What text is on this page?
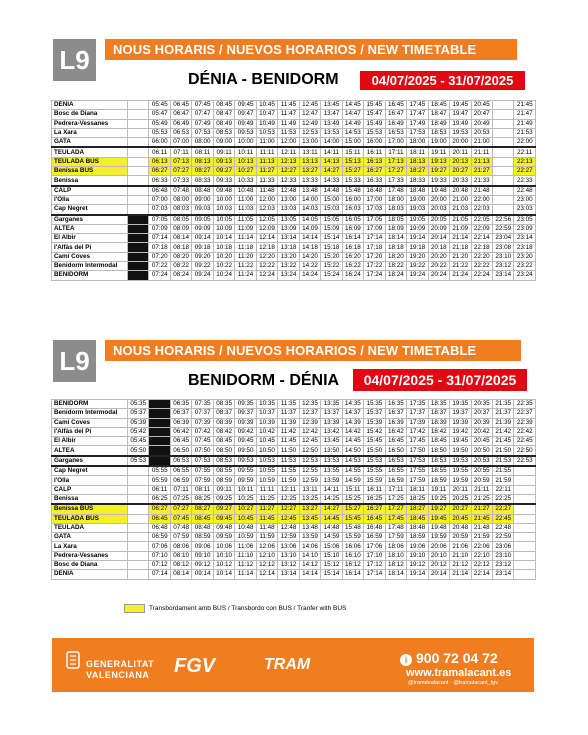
L9	NOUS HORARIS / NUEVOS HORARIOS / NEW TIMETABLE
DÉNIA - BENIDORM	04/07/2025 - 31/07/2025
DÉNIA		05:45	06:45	07:45	08:45	09:45	10:45	11:45	12:45	13:45	14:45	15:45	16:45	17:45	18:45	19:45	20:45		21:45
Bosc de Diana		05:47	06:47	07:47	08:47	09:47	10:47	11:47	12:47	13:47	14:47	15:47	16:47	17:47	18:47	19:47	20:47		21:47
Pedrera-Vessanes		05:49	06:49	07:49	08:49	09:49	10:49	11:49	12:49	13:49	14:49	15:49	16:49	17:49	18:49	19:49	20:49		21:49
La Xara		05:53	06:53	07:53	08:53	09:53	10:53	11:53	12:53	13:53	14:53	15:53	16:53	17:53	18:53	19:53	20:53		21:53
GATA		06:00	07:00	08:00	09:00	10:00	11:00	12:00	13:00	14:00	15:00	16:00	17:00	18:00	19:00	20:00	21:00		22:00
TEULADA		06:11	07:11	08:11	09:11	10:11	11:11	12:11	13:11	14:11	15:11	16:11	17:11	18:11	19:11	20:11	21:11		22:11
TEULADA BUS		06:13	07:13	08:13	09:13	10:13	11:13	12:13	13:13	14:13	15:13	16:13	17:13	18:13	19:13	20:13	21:13		22:13
Benissa BUS		06:27	07:27	08:27	09:27	10:27	11:27	12:27	13:27	14:27	15:27	16:27	17:27	18:27	19:27	20:27	21:27		22:27
Benissa		06:33	07:33	08:33	09:33	10:33	11:33	12:33	13:33	14:33	15:33	16:33	17:33	18:33	19:33	20:33	21:33		22:33
CALP		06:48	07:48	08:48	09:48	10:48	11:48	12:48	13:48	14:48	15:48	16:48	17:48	18:48	19:48	20:48	21:48		22:48
l'Olla		07:00	08:00	09:00	10:00	11:00	12:00	13:00	14:00	15:00	16:00	17:00	18:00	19:00	20:00	21:00	22:00		23:00
Cap Negret		07:03	08:03	09:03	10:03	11:03	12:03	13:03	14:03	15:03	16:03	17:03	18:03	19:03	20:03	21:03	22:03		23:03
Garganes		07:05	08:05	09:05	10:05	11:05	12:05	13:05	14:05	15:05	16:05	17:05	18:05	19:05	20:05	21:05	22:05	22:56	23:05
ALTEA		07:09	08:09	09:09	10:09	11:09	12:09	13:09	14:09	15:09	16:09	17:09	18:09	19:09	20:09	21:09	22:09	22:59	23:09
El Albir		07:14	08:14	09:14	10:14	11:14	12:14	13:14	14:14	15:14	16:14	17:14	18:14	19:14	20:14	21:14	22:14	23:04	23:14
l'Alfàs del Pi		07:18	08:18	09:18	10:18	11:18	12:18	13:18	14:18	15:18	16:18	17:18	18:18	19:18	20:18	21:18	22:18	23:08	23:18
Camí Coves		07:20	08:20	09:20	10:20	11:20	12:20	13:20	14:20	15:20	16:20	17:20	18:20	19:20	20:20	21:20	22:20	23:10	23:20
Benidorm Intermodal		07:22	08:22	09:22	10:22	11:22	12:22	13:22	14:22	15:22	16:22	17:22	18:22	19:22	20:22	21:22	22:22	23:12	23:22
BENIDORM		07:24	08:24	09:24	10:24	11:24	12:24	13:24	14:24	15:24	16:24	17:24	18:24	19:24	20:24	21:24	22:24	23:14	23:24
L9	NOUS HORARIS / NUEVOS HORARIOS / NEW TIMETABLE
BENIDORM - DÉNIA	04/07/2025 - 31/07/2025
BENIDORM	05:35		06:35	07:35	08:35	09:35	10:35	11:35	12:35	13:35	14:35	15:35	16:35	17:35	18:35	19:35	20:35	21:35	22:35
Benidorm Intermodal	05:37		06:37	07:37	08:37	09:37	10:37	11:37	12:37	13:37	14:37	15:37	16:37	17:37	18:37	19:37	20:37	21:37	22:37
Camí Coves	05:39		06:39	07:39	08:39	09:39	10:39	11:39	12:39	13:39	14:39	15:39	16:39	17:39	18:39	19:39	20:39	21:39	22:39
l'Alfàs del Pi	05:42		06:42	07:42	08:42	09:42	10:42	11:42	12:42	13:42	14:42	15:42	16:42	17:42	18:42	19:42	20:42	21:42	22:42
El Albir	05:45		06:45	07:45	08:45	09:45	10:45	11:45	12:45	13:45	14:45	15:45	16:45	17:45	18:45	19:45	20:45	21:45	22:45
ALTEA	05:50		06:50	07:50	08:50	09:50	10:50	11:50	12:50	13:50	14:50	15:50	16:50	17:50	18:50	19:50	20:50	21:50	22:50
Garganes	05:53		06:53	07:53	08:53	09:53	10:53	11:53	12:53	13:53	14:53	15:53	16:53	17:53	18:53	19:53	20:53	21:53	22:53
Cap Negret		05:55	06:55	07:55	08:55	09:55	10:55	11:55	12:55	13:55	14:55	15:55	16:55	17:55	18:55	19:55	20:55	21:55	
l'Olla		05:59	06:59	07:59	08:59	09:59	10:59	11:59	12:59	13:59	14:59	15:59	16:59	17:59	18:59	19:59	20:59	21:59	
CALP		06:11	07:11	08:11	09:11	10:11	11:11	12:11	13:11	14:11	15:11	16:11	17:11	18:11	19:11	20:11	21:11	22:11	
Benissa		06:25	07:25	08:25	09:25	10:25	11:25	12:25	13:25	14:25	15:25	16:25	17:25	18:25	19:25	20:25	21:25	22:25	
Benissa BUS		06:27	07:27	08:27	09:27	10:27	11:27	12:27	13:27	14:27	15:27	16:27	17:27	18:27	19:27	20:27	21:27	22:27	
TEULADA BUS		06:45	07:45	08:45	09:45	10:45	11:45	12:45	13:45	14:45	15:45	16:45	17:45	18:45	19:45	20:45	21:45	22:45	
TEULADA		06:48	07:48	08:48	09:48	10:48	11:48	12:48	13:48	14:48	15:48	16:48	17:48	18:48	19:48	20:48	21:48	22:48	
GATA		06:59	07:59	08:59	09:59	10:59	11:59	12:59	13:59	14:59	15:59	16:59	17:59	18:59	19:59	20:59	21:59	22:59	
La Xara		07:06	08:06	09:06	10:06	11:06	12:06	13:06	14:06	15:06	16:06	17:06	18:06	19:06	20:06	21:06	22:06	23:06	
Pedrera-Vessanes		07:10	08:10	09:10	10:10	11:10	12:10	13:10	14:10	15:10	16:10	17:10	18:10	19:10	20:10	21:10	22:10	23:10	
Bosc de Diana		07:12	08:12	09:12	10:12	11:12	12:12	13:12	14:12	15:12	16:12	17:12	18:12	19:12	20:12	21:12	22:12	23:12	
DÉNIA		07:14	08:14	09:14	10:14	11:14	12:14	13:14	14:14	15:14	16:14	17:14	18:14	19:14	20:14	21:14	22:14	23:14	
Transbordament amb BUS / Transbordo con BUS / Tranfer with BUS
GENERALITAT
VALENCIANA FGV	TRAM	i 900 72 04 72
www.tramalacant.es
@tramdealacant · @tramalacant_fgv
